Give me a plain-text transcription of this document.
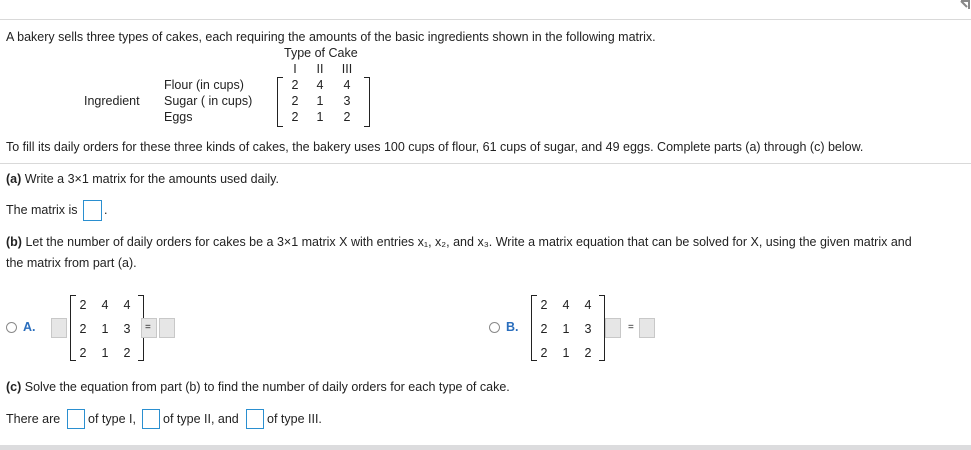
A bakery sells three types of cakes, each requiring the amounts of the basic ingredients shown in the following matrix.
Type of Cake
I	II III
Ingredient
Flour (in cups)
Sugar ( in cups)
Eggs
2 4 4
2 1 3
2 1 2
To fill its daily orders for these three kinds of cakes, the bakery uses 100 cups of flour, 61 cups of sugar, and 49 eggs. Complete parts (a) through (c) below.
(a) Write a 3×1 matrix for the amounts used daily.
The matrix is .
(b) Let the number of daily orders for cakes be a 3×1 matrix X with entries x₁, x₂, and x₃. Write a matrix equation that can be solved for X, using the given matrix and
the matrix from part (a).
A.
2 4 4
2 1 3
2 1 2
=	B.
2 4 4
2 1 3
2 1 2
=
(c) Solve the equation from part (b) to find the number of daily orders for each type of cake.
There are of type I, of type II, and of type III.
